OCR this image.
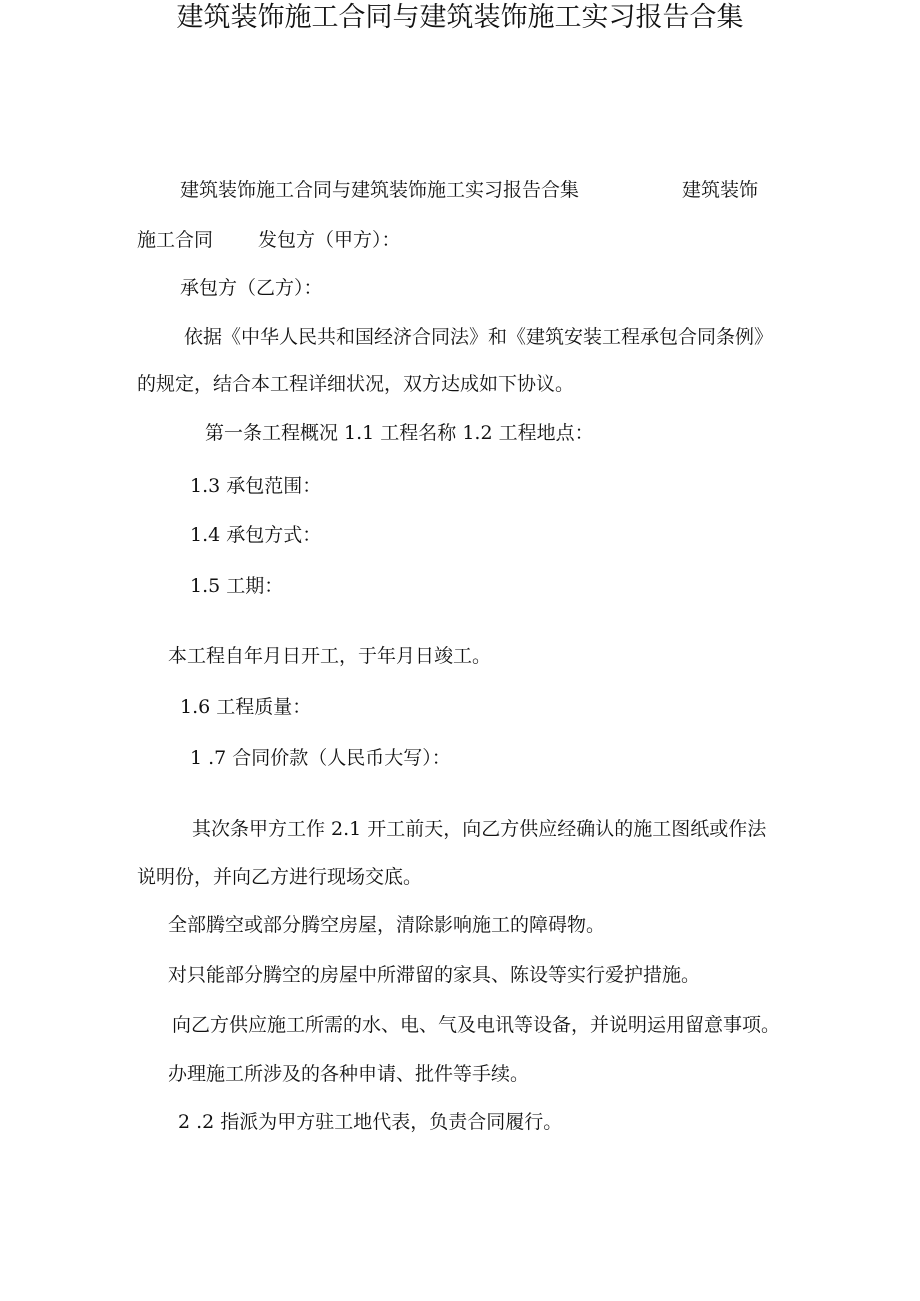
建筑装饰施工合同与建筑装饰施工实习报告合集
建筑装饰施工合同与建筑装饰施工实习报告合集	建筑装饰
施工合同 发包方（甲方）：
承包方（乙方）：
依据《中华人民共和国经济合同法》和《建筑安装工程承包合同条例》
的规定，结合本工程详细状况，双方达成如下协议。
第一条工程概况 1.1 工程名称 1.2 工程地点：
1.3 承包范围：
1.4 承包方式：
1.5 工期：
本工程自年月日开工，于年月日竣工。
1.6 工程质量：
1 .7 合同价款（人民币大写）：
其次条甲方工作 2.1 开工前天，向乙方供应经确认的施工图纸或作法
说明份，并向乙方进行现场交底。
全部腾空或部分腾空房屋，清除影响施工的障碍物。
对只能部分腾空的房屋中所滞留的家具、陈设等实行爱护措施。
向乙方供应施工所需的水、电、气及电讯等设备，并说明运用留意事项。
办理施工所涉及的各种申请、批件等手续。
2 .2 指派为甲方驻工地代表，负责合同履行。
